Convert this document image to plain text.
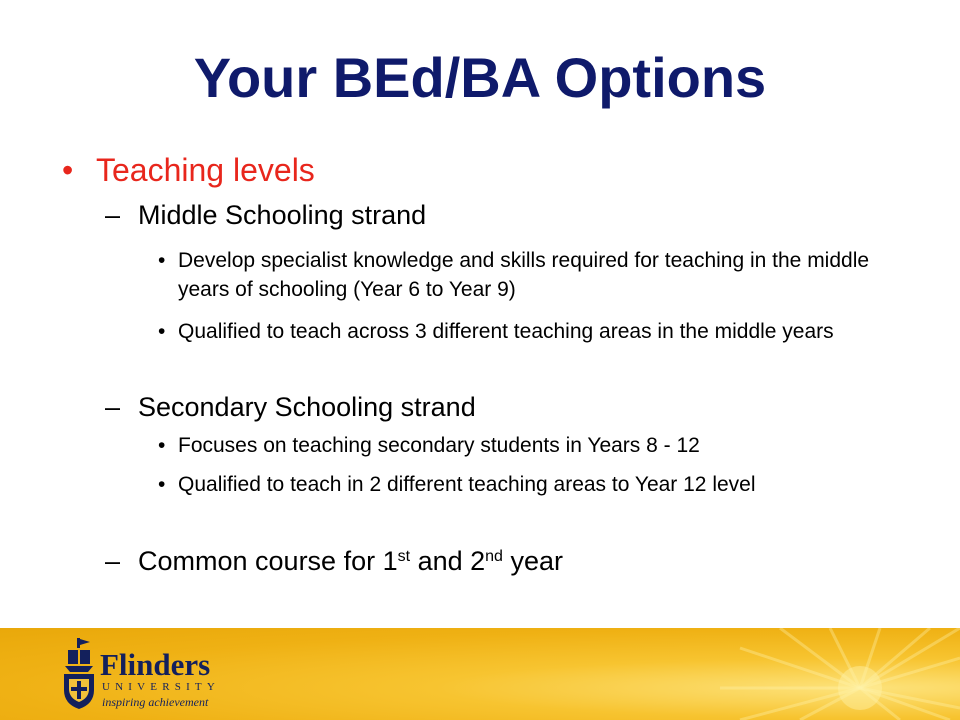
Your BEd/BA Options
• Teaching levels
– Middle Schooling strand
• Develop specialist knowledge and skills required for teaching in the middle years of schooling (Year 6 to Year 9)
• Qualified to teach across 3 different teaching areas in the middle years
– Secondary Schooling strand
• Focuses on teaching secondary students in Years 8 - 12
• Qualified to teach in 2 different teaching areas to Year 12 level
– Common course for 1st and 2nd year
Flinders
UNIVERSITY
inspiring achievement
